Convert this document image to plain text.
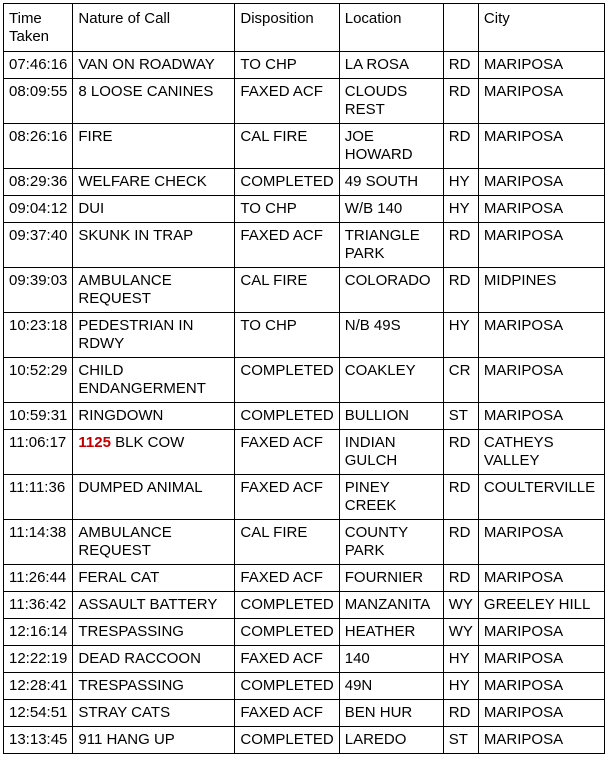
Time Taken	Nature of Call	Disposition	Location		City
07:46:16	VAN ON ROADWAY	TO CHP	LA ROSA	RD	MARIPOSA
08:09:55	8 LOOSE CANINES	FAXED ACF	CLOUDS REST	RD	MARIPOSA
08:26:16	FIRE	CAL FIRE	JOE HOWARD	RD	MARIPOSA
08:29:36	WELFARE CHECK	COMPLETED	49 SOUTH	HY	MARIPOSA
09:04:12	DUI	TO CHP	W/B 140	HY	MARIPOSA
09:37:40	SKUNK IN TRAP	FAXED ACF	TRIANGLE PARK	RD	MARIPOSA
09:39:03	AMBULANCE REQUEST	CAL FIRE	COLORADO	RD	MIDPINES
10:23:18	PEDESTRIAN IN RDWY	TO CHP	N/B 49S	HY	MARIPOSA
10:52:29	CHILD ENDANGERMENT	COMPLETED	COAKLEY	CR	MARIPOSA
10:59:31	RINGDOWN	COMPLETED	BULLION	ST	MARIPOSA
11:06:17	1125 BLK COW	FAXED ACF	INDIAN GULCH	RD	CATHEYS VALLEY
11:11:36	DUMPED ANIMAL	FAXED ACF	PINEY CREEK	RD	COULTERVILLE
11:14:38	AMBULANCE REQUEST	CAL FIRE	COUNTY PARK	RD	MARIPOSA
11:26:44	FERAL CAT	FAXED ACF	FOURNIER	RD	MARIPOSA
11:36:42	ASSAULT BATTERY	COMPLETED	MANZANITA	WY	GREELEY HILL
12:16:14	TRESPASSING	COMPLETED	HEATHER	WY	MARIPOSA
12:22:19	DEAD RACCOON	FAXED ACF	140	HY	MARIPOSA
12:28:41	TRESPASSING	COMPLETED	49N	HY	MARIPOSA
12:54:51	STRAY CATS	FAXED ACF	BEN HUR	RD	MARIPOSA
13:13:45	911 HANG UP	COMPLETED	LAREDO	ST	MARIPOSA
